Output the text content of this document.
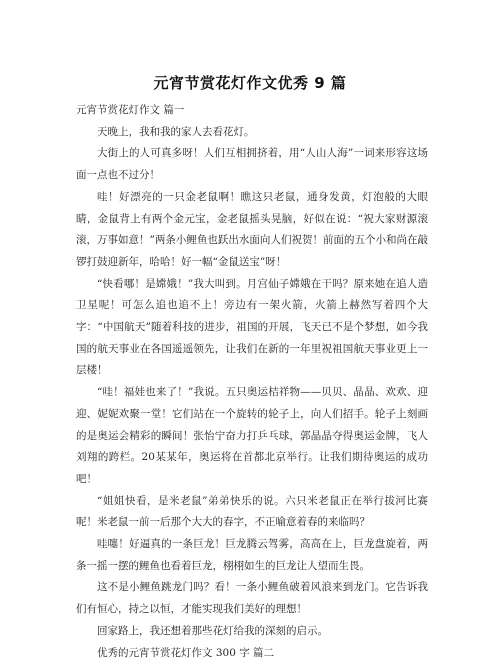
元宵节赏花灯作文优秀 9 篇

元宵节赏花灯作文 篇一

天晚上，我和我的家人去看花灯。

大街上的人可真多呀！人们互相拥挤着，用“人山人海”一词来形容这场面一点也不过分！

哇！好漂亮的一只金老鼠啊！瞧这只老鼠，通身发黄，灯泡般的大眼睛，金鼠背上有两个金元宝，金老鼠摇头晃脑，好似在说：“祝大家财源滚滚，万事如意！”两条小鲤鱼也跃出水面向人们祝贺！前面的五个小和尚在敲锣打鼓迎新年，哈哈！好一幅“金鼠送宝”呀！

“快看哪！是嫦娥！”我大叫到。月宫仙子嫦娥在干吗？原来她在追人造卫星呢！可怎么追也追不上！旁边有一架火箭，火箭上赫然写着四个大字：“中国航天”随着科技的进步，祖国的开展，飞天已不是个梦想，如今我国的航天事业在各国遥遥领先，让我们在新的一年里祝祖国航天事业更上一层楼！

“哇！福娃也来了！”我说。五只奥运桔祥物——贝贝、晶晶、欢欢、迎迎、妮妮欢聚一堂！它们站在一个旋转的轮子上，向人们招手。轮子上刻画的是奥运会精彩的瞬间！张怡宁奋力打乒乓球，郭晶晶夺得奥运金牌，飞人刘翔的跨栏。20某某年，奥运将在首都北京举行。让我们期待奥运的成功吧！

“姐姐快看，是米老鼠”弟弟快乐的说。六只米老鼠正在举行拔河比赛呢！米老鼠一前一后那个大大的春字，不正喻意着春的来临吗？

哇噻！好逼真的一条巨龙！巨龙腾云驾雾，高高在上，巨龙盘旋着，两条一摇一摆的鲤鱼也看着巨龙，栩栩如生的巨龙让人望而生畏。

这不是小鲤鱼跳龙门吗？看！一条小鲤鱼破着风浪来到龙门。它告诉我们有恒心，持之以恒，才能实现我们美好的理想！

回家路上，我还想着那些花灯给我的深刻的启示。

优秀的元宵节赏花灯作文 300 字 篇二
